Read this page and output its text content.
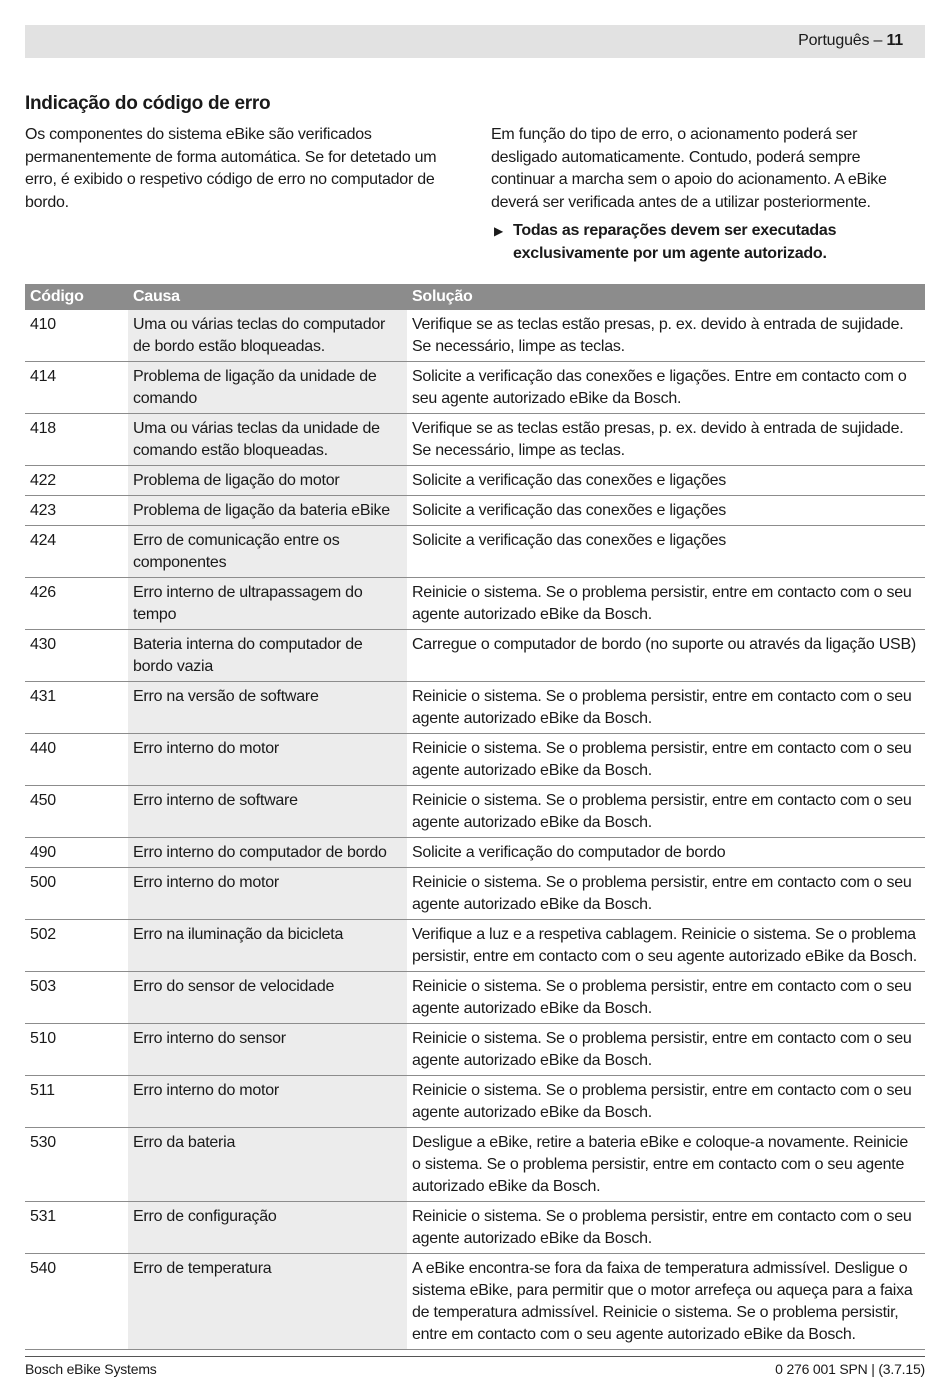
Português – 11
Indicação do código de erro

Os componentes do sistema eBike são verificados permanentemente de forma automática. Se for detetado um erro, é exibido o respetivo código de erro no computador de bordo.

Em função do tipo de erro, o acionamento poderá ser desligado automaticamente. Contudo, poderá sempre continuar a marcha sem o apoio do acionamento. A eBike deverá ser verificada antes de a utilizar posteriormente.

▶ Todas as reparações devem ser executadas exclusivamente por um agente autorizado.

Código	Causa	Solução
410	Uma ou várias teclas do computador de bordo estão bloqueadas.	Verifique se as teclas estão presas, p. ex. devido à entrada de sujidade. Se necessário, limpe as teclas.
414	Problema de ligação da unidade de comando	Solicite a verificação das conexões e ligações. Entre em contacto com o seu agente autorizado eBike da Bosch.
418	Uma ou várias teclas da unidade de comando estão bloqueadas.	Verifique se as teclas estão presas, p. ex. devido à entrada de sujidade. Se necessário, limpe as teclas.
422	Problema de ligação do motor	Solicite a verificação das conexões e ligações
423	Problema de ligação da bateria eBike	Solicite a verificação das conexões e ligações
424	Erro de comunicação entre os componentes	Solicite a verificação das conexões e ligações
426	Erro interno de ultrapassagem do tempo	Reinicie o sistema. Se o problema persistir, entre em contacto com o seu agente autorizado eBike da Bosch.
430	Bateria interna do computador de bordo vazia	Carregue o computador de bordo (no suporte ou através da ligação USB)
431	Erro na versão de software	Reinicie o sistema. Se o problema persistir, entre em contacto com o seu agente autorizado eBike da Bosch.
440	Erro interno do motor	Reinicie o sistema. Se o problema persistir, entre em contacto com o seu agente autorizado eBike da Bosch.
450	Erro interno de software	Reinicie o sistema. Se o problema persistir, entre em contacto com o seu agente autorizado eBike da Bosch.
490	Erro interno do computador de bordo	Solicite a verificação do computador de bordo
500	Erro interno do motor	Reinicie o sistema. Se o problema persistir, entre em contacto com o seu agente autorizado eBike da Bosch.
502	Erro na iluminação da bicicleta	Verifique a luz e a respetiva cablagem. Reinicie o sistema. Se o problema persistir, entre em contacto com o seu agente autorizado eBike da Bosch.
503	Erro do sensor de velocidade	Reinicie o sistema. Se o problema persistir, entre em contacto com o seu agente autorizado eBike da Bosch.
510	Erro interno do sensor	Reinicie o sistema. Se o problema persistir, entre em contacto com o seu agente autorizado eBike da Bosch.
511	Erro interno do motor	Reinicie o sistema. Se o problema persistir, entre em contacto com o seu agente autorizado eBike da Bosch.
530	Erro da bateria	Desligue a eBike, retire a bateria eBike e coloque-a novamente. Reinicie o sistema. Se o problema persistir, entre em contacto com o seu agente autorizado eBike da Bosch.
531	Erro de configuração	Reinicie o sistema. Se o problema persistir, entre em contacto com o seu agente autorizado eBike da Bosch.
540	Erro de temperatura	A eBike encontra-se fora da faixa de temperatura admissível. Desligue o sistema eBike, para permitir que o motor arrefeça ou aqueça para a faixa de temperatura admissível. Reinicie o sistema. Se o problema persistir, entre em contacto com o seu agente autorizado eBike da Bosch.
Bosch eBike Systems	0 276 001 SPN | (3.7.15)
